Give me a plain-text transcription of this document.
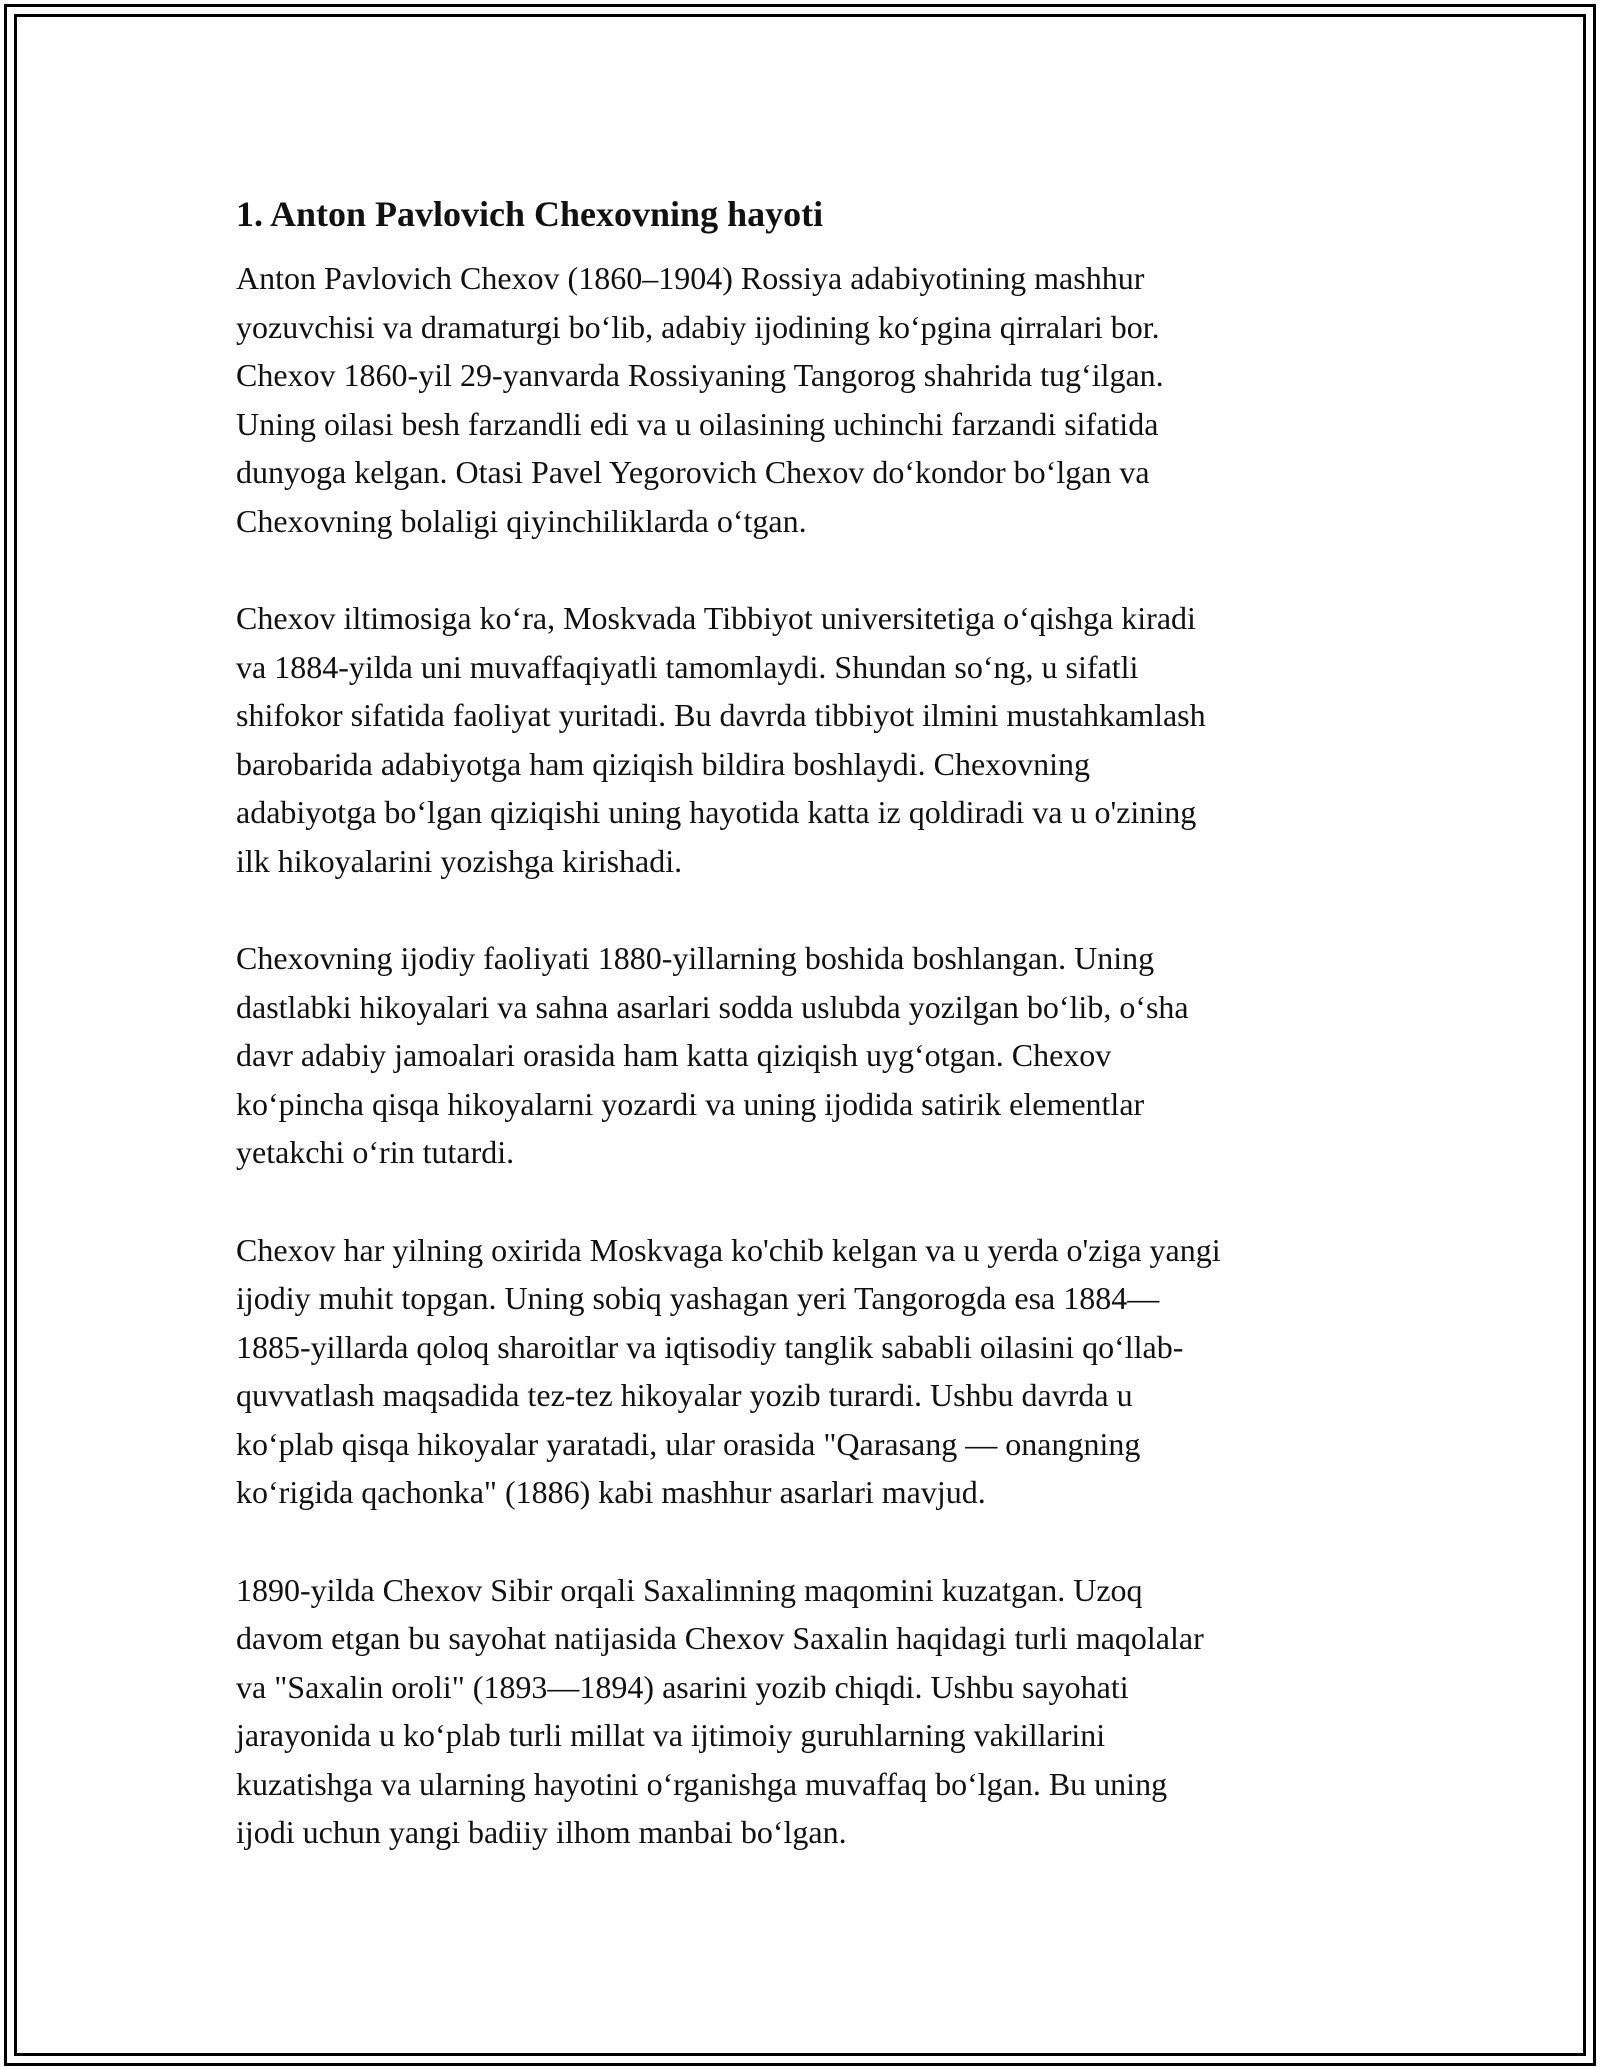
1. Anton Pavlovich Chexovning hayoti

Anton Pavlovich Chexov (1860–1904) Rossiya adabiyotining mashhur
yozuvchisi va dramaturgi bo‘lib, adabiy ijodining ko‘pgina qirralari bor.
Chexov 1860-yil 29-yanvarda Rossiyaning Tangorog shahrida tug‘ilgan.
Uning oilasi besh farzandli edi va u oilasining uchinchi farzandi sifatida
dunyoga kelgan. Otasi Pavel Yegorovich Chexov do‘kondor bo‘lgan va
Chexovning bolaligi qiyinchiliklarda o‘tgan.

Chexov iltimosiga ko‘ra, Moskvada Tibbiyot universitetiga o‘qishga kiradi
va 1884-yilda uni muvaffaqiyatli tamomlaydi. Shundan so‘ng, u sifatli
shifokor sifatida faoliyat yuritadi. Bu davrda tibbiyot ilmini mustahkamlash
barobarida adabiyotga ham qiziqish bildira boshlaydi. Chexovning
adabiyotga bo‘lgan qiziqishi uning hayotida katta iz qoldiradi va u o'zining
ilk hikoyalarini yozishga kirishadi.

Chexovning ijodiy faoliyati 1880-yillarning boshida boshlangan. Uning
dastlabki hikoyalari va sahna asarlari sodda uslubda yozilgan bo‘lib, o‘sha
davr adabiy jamoalari orasida ham katta qiziqish uyg‘otgan. Chexov
ko‘pincha qisqa hikoyalarni yozardi va uning ijodida satirik elementlar
yetakchi o‘rin tutardi.

Chexov har yilning oxirida Moskvaga ko'chib kelgan va u yerda o'ziga yangi
ijodiy muhit topgan. Uning sobiq yashagan yeri Tangorogda esa 1884—
1885-yillarda qoloq sharoitlar va iqtisodiy tanglik sababli oilasini qo‘llab-
quvvatlash maqsadida tez-tez hikoyalar yozib turardi. Ushbu davrda u
ko‘plab qisqa hikoyalar yaratadi, ular orasida "Qarasang — onangning
ko‘rigida qachonka" (1886) kabi mashhur asarlari mavjud.

1890-yilda Chexov Sibir orqali Saxalinning maqomini kuzatgan. Uzoq
davom etgan bu sayohat natijasida Chexov Saxalin haqidagi turli maqolalar
va "Saxalin oroli" (1893—1894) asarini yozib chiqdi. Ushbu sayohati
jarayonida u ko‘plab turli millat va ijtimoiy guruhlarning vakillarini
kuzatishga va ularning hayotini o‘rganishga muvaffaq bo‘lgan. Bu uning
ijodi uchun yangi badiiy ilhom manbai bo‘lgan.
